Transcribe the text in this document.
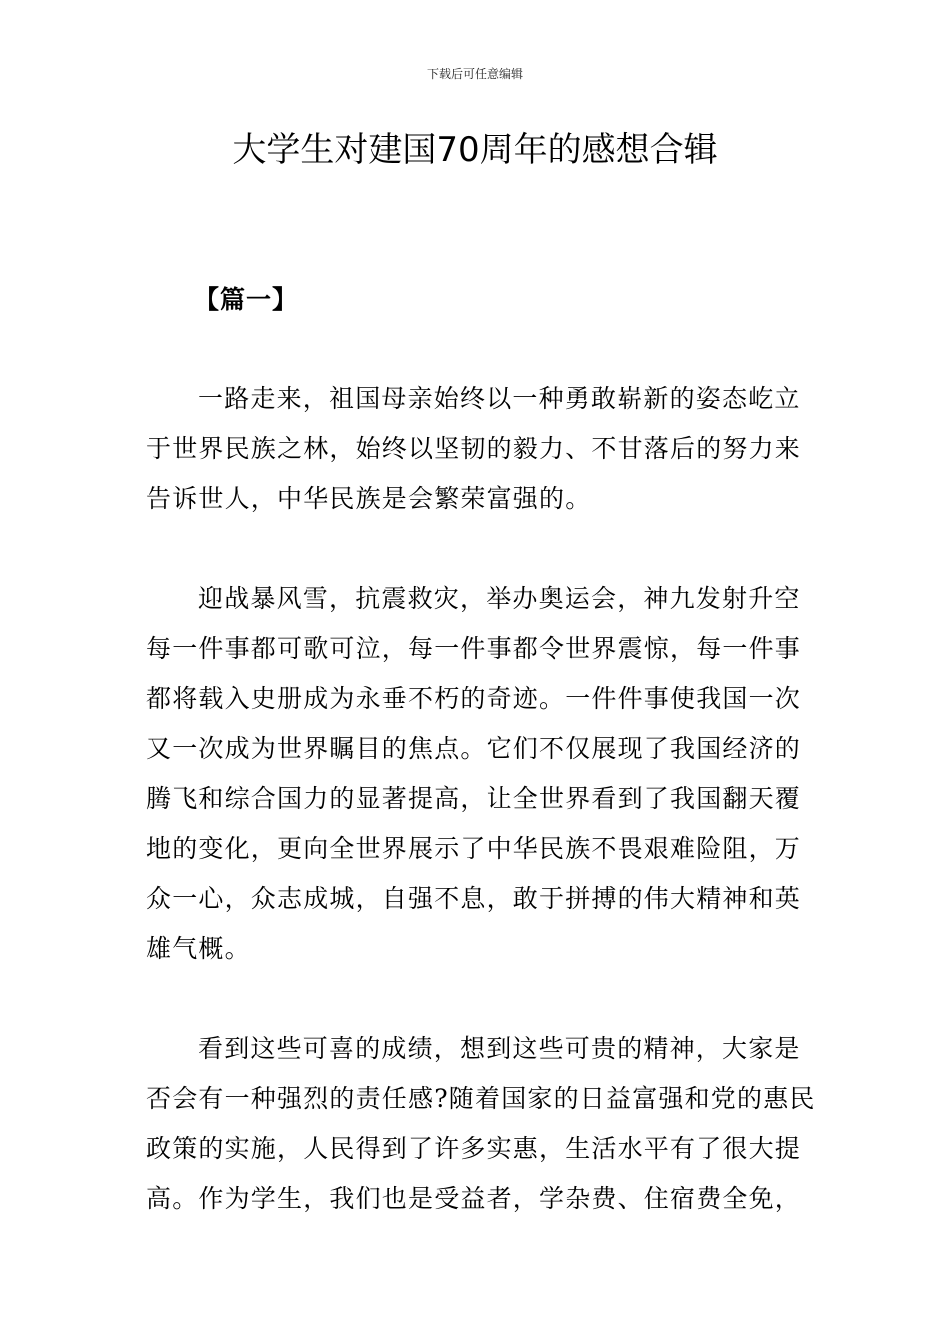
下载后可任意编辑
大学生对建国70周年的感想合辑
【篇一】

一路走来，祖国母亲始终以一种勇敢崭新的姿态屹立
于世界民族之林，始终以坚韧的毅力、不甘落后的努力来
告诉世人，中华民族是会繁荣富强的。

迎战暴风雪，抗震救灾，举办奥运会，神九发射升空
每一件事都可歌可泣，每一件事都令世界震惊，每一件事
都将载入史册成为永垂不朽的奇迹。一件件事使我国一次
又一次成为世界瞩目的焦点。它们不仅展现了我国经济的
腾飞和综合国力的显著提高，让全世界看到了我国翻天覆
地的变化，更向全世界展示了中华民族不畏艰难险阻，万
众一心，众志成城，自强不息，敢于拼搏的伟大精神和英
雄气概。

看到这些可喜的成绩，想到这些可贵的精神，大家是
否会有一种强烈的责任感?随着国家的日益富强和党的惠民
政策的实施，人民得到了许多实惠，生活水平有了很大提
高。作为学生，我们也是受益者，学杂费、住宿费全免，
